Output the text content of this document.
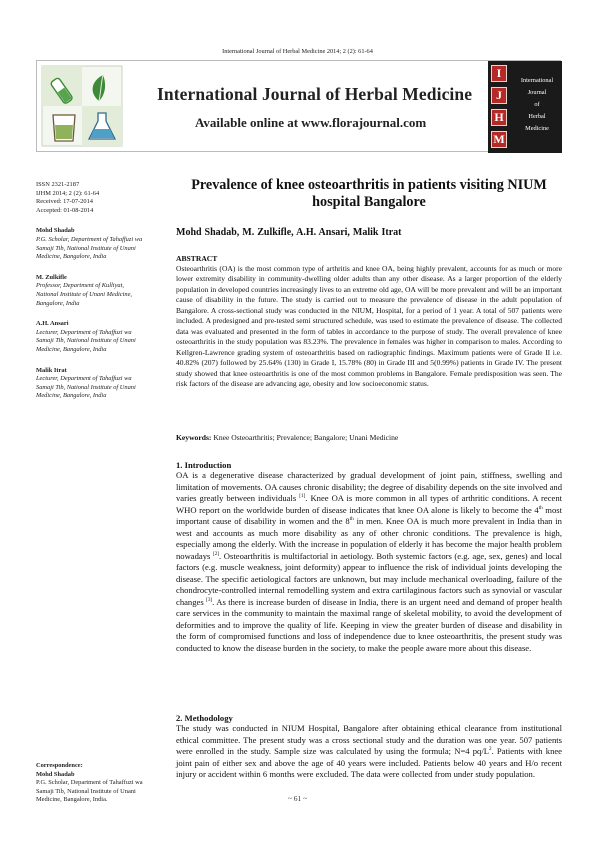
International Journal of Herbal Medicine 2014; 2 (2): 61-64
International Journal of Herbal Medicine
Available online at www.florajournal.com
I
J
H
M
International
Journal
of
Herbal
Medicine
ISSN 2321-2187
IJHM 2014; 2 (2): 61-64
Received: 17-07-2014
Accepted: 01-08-2014
Mohd Shadab
P.G. Scholar, Department of Tahaffuzi wa Samaji Tib, National Institute of Unani Medicine, Bangalore, India
M. Zulkifle
Professor, Department of Kulliyat, National Institute of Unani Medicine, Bangalore, India
A.H. Ansari
Lecturer, Department of Tahaffuzi wa Samaji Tib, National Institute of Unani Medicine, Bangalore, India
Malik Itrat
Lecturer, Department of Tahaffuzi wa Samaji Tib, National Institute of Unani Medicine, Bangalore, India
Correspondence:
Mohd Shadab
P.G. Scholar, Department of Tahaffuzi wa Samaji Tib, National Institute of Unani Medicine, Bangalore, India.
Prevalence of knee osteoarthritis in patients visiting NIUM hospital Bangalore
Mohd Shadab, M. Zulkifle, A.H. Ansari, Malik Itrat
ABSTRACT
Osteoarthritis (OA) is the most common type of arthritis and knee OA, being highly prevalent, accounts for as much or more lower extremity disability in community-dwelling older adults than any other disease. As a larger proportion of the elderly population in developed countries increasingly lives to an extreme old age, OA will be more prevalent and will be an important cause of disability in the future. The study is carried out to measure the prevalence of disease in the adult population of Bangalore. A cross-sectional study was conducted in the NIUM, Hospital, for a period of 1 year. A total of 507 patients were included. A predesigned and pre-tested semi structured schedule, was used to estimate the prevalence of disease. The collected data was evaluated and presented in the form of tables in accordance to the purpose of study. The overall prevalence of knee osteoarthritis in the study population was 83.23%. The prevalence in females was higher in comparison to males. According to Kellgren-Lawrence grading system of osteoarthritis based on radiographic findings. Maximum patients were of Grade II i.e. 40.82% (207) followed by 25.64% (130) in Grade I, 15.78% (80) in Grade III and 5(0.99%) patients in Grade IV. The present study showed that knee osteoarthritis is one of the most common problems in Bangalore. Female predisposition was seen. The risk factors of the disease are advancing age, obesity and low socioeconomic status.
Keywords: Knee Osteoarthritis; Prevalence; Bangalore; Unani Medicine
1. Introduction
OA is a degenerative disease characterized by gradual development of joint pain, stiffness, swelling and limitation of movements. OA causes chronic disability; the degree of disability depends on the site involved and varies greatly between individuals [1]. Knee OA is more common in all types of arthritic conditions. A recent WHO report on the worldwide burden of disease indicates that knee OA alone is likely to become the 4th most important cause of disability in women and the 8th in men. Knee OA is much more prevalent in India than in west and accounts as much more disability as any of other chronic conditions. The prevalence is high, especially among the elderly. With the increase in population of elderly it has become the major health problem nowadays [2]. Osteoarthritis is multifactorial in aetiology. Both systemic factors (e.g. age, sex, genes) and local factors (e.g. muscle weakness, joint deformity) appear to influence the risk of individual joints developing the disease. The specific aetiological factors are unknown, but may include mechanical overloading, failure of the chondrocyte-controlled internal remodelling system and extra cartilaginous factors such as synovial or vascular changes [3]. As there is increase burden of disease in India, there is an urgent need and demand of proper health care services in the community to maintain the maximal range of skeletal mobility, to avoid the development of deformities and to improve the quality of life. Keeping in view the greater burden of disease and disability in the form of compromised functions and loss of independence due to knee osteoarthritis, the present study was conducted to know the disease burden in the society, to make the people aware more about this disease.
2. Methodology
The study was conducted in NIUM Hospital, Bangalore after obtaining ethical clearance from institutional ethical committee. The present study was a cross sectional study and the duration was one year. 507 patients were enrolled in the study. Sample size was calculated by using the formula; N=4 $pq/L^2$. Patients with knee joint pain of either sex and above the age of 40 years were included. Patients below 40 years and H/o recent injury or accident within 6 months were excluded. The data were collected from under study population.
~ 61 ~
